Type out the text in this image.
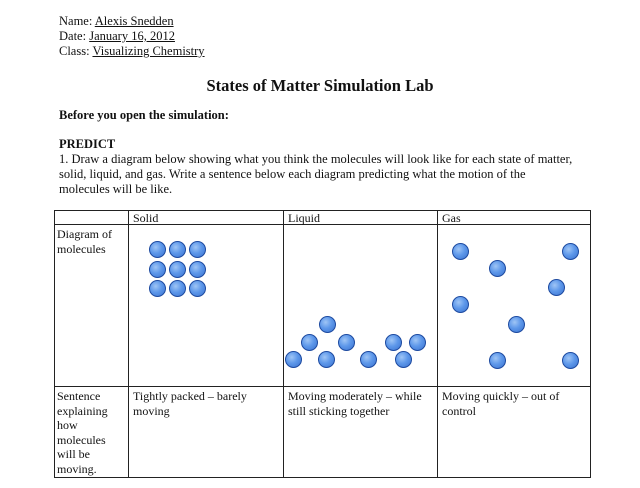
Name: Alexis Snedden
Date: January 16, 2012
Class: Visualizing Chemistry
States of Matter Simulation Lab
Before you open the simulation:
PREDICT
1. Draw a diagram below showing what you think the molecules will look like for each state of matter, solid, liquid, and gas. Write a sentence below each diagram predicting what the motion of the molecules will be like.
Solid	Liquid	Gas
Diagram of molecules
Sentence explaining how molecules will be moving.
Tightly packed – barely moving
Moving moderately – while still sticking together
Moving quickly – out of control
